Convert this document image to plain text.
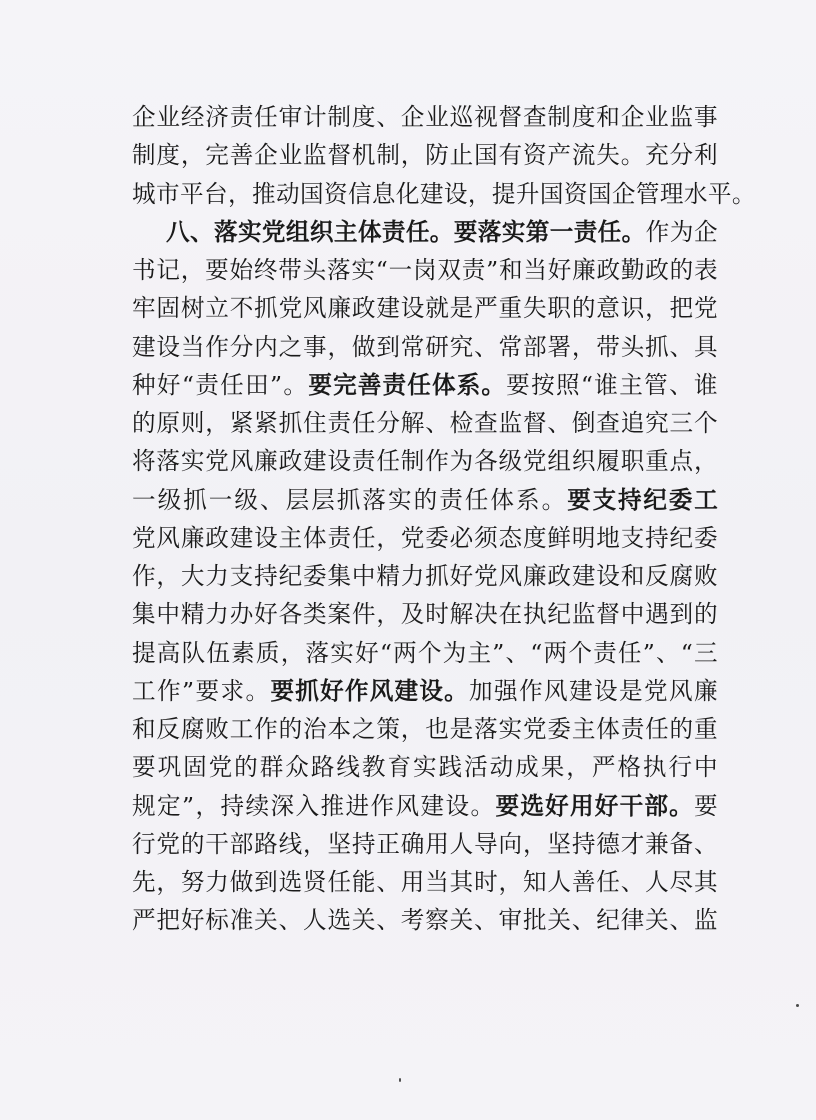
企业经济责任审计制度、企业巡视督查制度和企业监事
制度，完善企业监督机制，防止国有资产流失。充分利
城市平台，推动国资信息化建设，提升国资国企管理水平。
八、落实党组织主体责任。要落实第一责任。作为企
书记，要始终带头落实“一岗双责”和当好廉政勤政的表
牢固树立不抓党风廉政建设就是严重失职的意识，把党
建设当作分内之事，做到常研究、常部署，带头抓、具
种好“责任田”。要完善责任体系。要按照“谁主管、谁
的原则，紧紧抓住责任分解、检查监督、倒查追究三个
将落实党风廉政建设责任制作为各级党组织履职重点，
一级抓一级、层层抓落实的责任体系。要支持纪委工
党风廉政建设主体责任，党委必须态度鲜明地支持纪委
作，大力支持纪委集中精力抓好党风廉政建设和反腐败
集中精力办好各类案件，及时解决在执纪监督中遇到的
提高队伍素质，落实好“两个为主”、“两个责任”、“三
工作”要求。要抓好作风建设。加强作风建设是党风廉
和反腐败工作的治本之策，也是落实党委主体责任的重
要巩固党的群众路线教育实践活动成果，严格执行中
规定”，持续深入推进作风建设。要选好用好干部。要
行党的干部路线，坚持正确用人导向，坚持德才兼备、
先，努力做到选贤任能、用当其时，知人善任、人尽其
严把好标准关、人选关、考察关、审批关、纪律关、监
